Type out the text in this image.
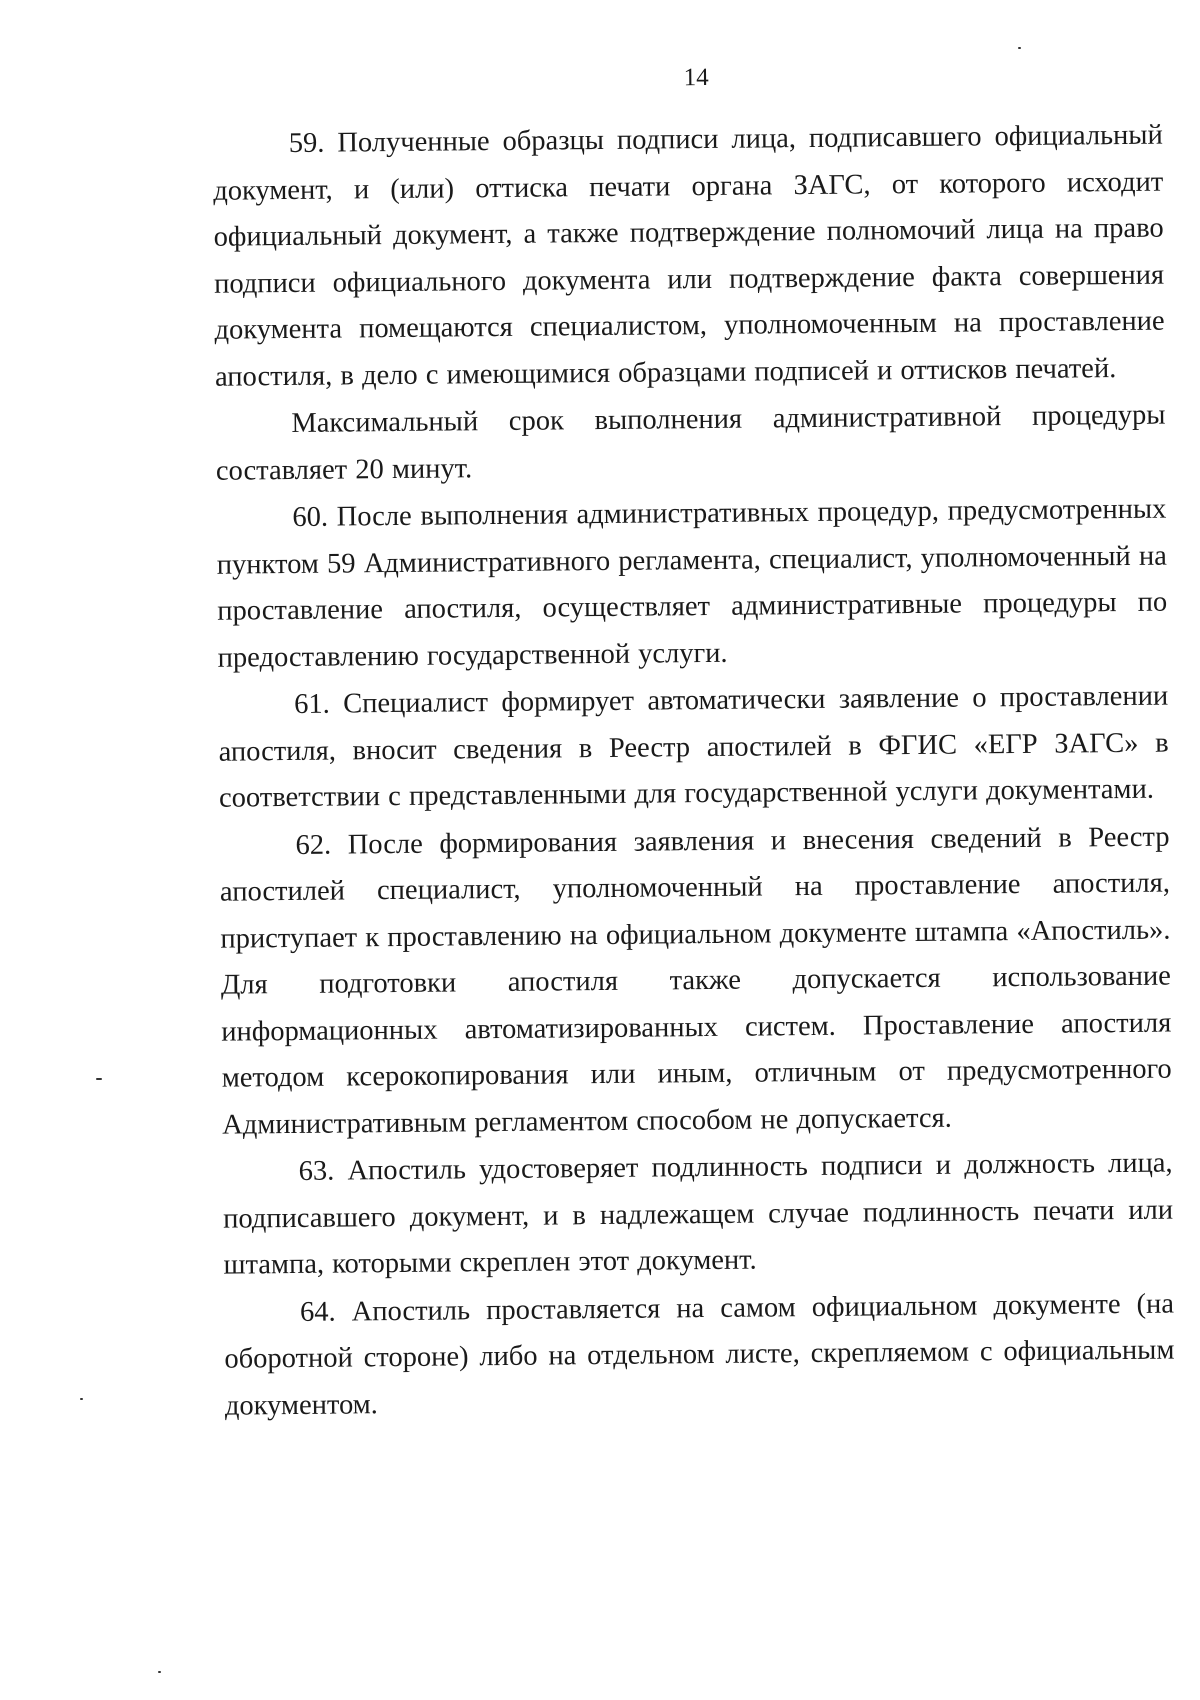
14

59. Полученные образцы подписи лица, подписавшего официальный документ, и (или) оттиска печати органа ЗАГС, от которого исходит официальный документ, а также подтверждение полномочий лица на право подписи официального документа или подтверждение факта совершения документа помещаются специалистом, уполномоченным на проставление апостиля, в дело с имеющимися образцами подписей и оттисков печатей.

Максимальный срок выполнения административной процедуры составляет 20 минут.

60. После выполнения административных процедур, предусмотренных пунктом 59 Административного регламента, специалист, уполномоченный на проставление апостиля, осуществляет административные процедуры по предоставлению государственной услуги.

61. Специалист формирует автоматически заявление о проставлении апостиля, вносит сведения в Реестр апостилей в ФГИС «ЕГР ЗАГС» в соответствии с представленными для государственной услуги документами.

62. После формирования заявления и внесения сведений в Реестр апостилей специалист, уполномоченный на проставление апостиля, приступает к проставлению на официальном документе штампа «Апостиль». Для подготовки апостиля также допускается использование информационных автоматизированных систем. Проставление апостиля методом ксерокопирования или иным, отличным от предусмотренного Административным регламентом способом не допускается.

63. Апостиль удостоверяет подлинность подписи и должность лица, подписавшего документ, и в надлежащем случае подлинность печати или штампа, которыми скреплен этот документ.

64. Апостиль проставляется на самом официальном документе (на оборотной стороне) либо на отдельном листе, скрепляемом с официальным документом.
